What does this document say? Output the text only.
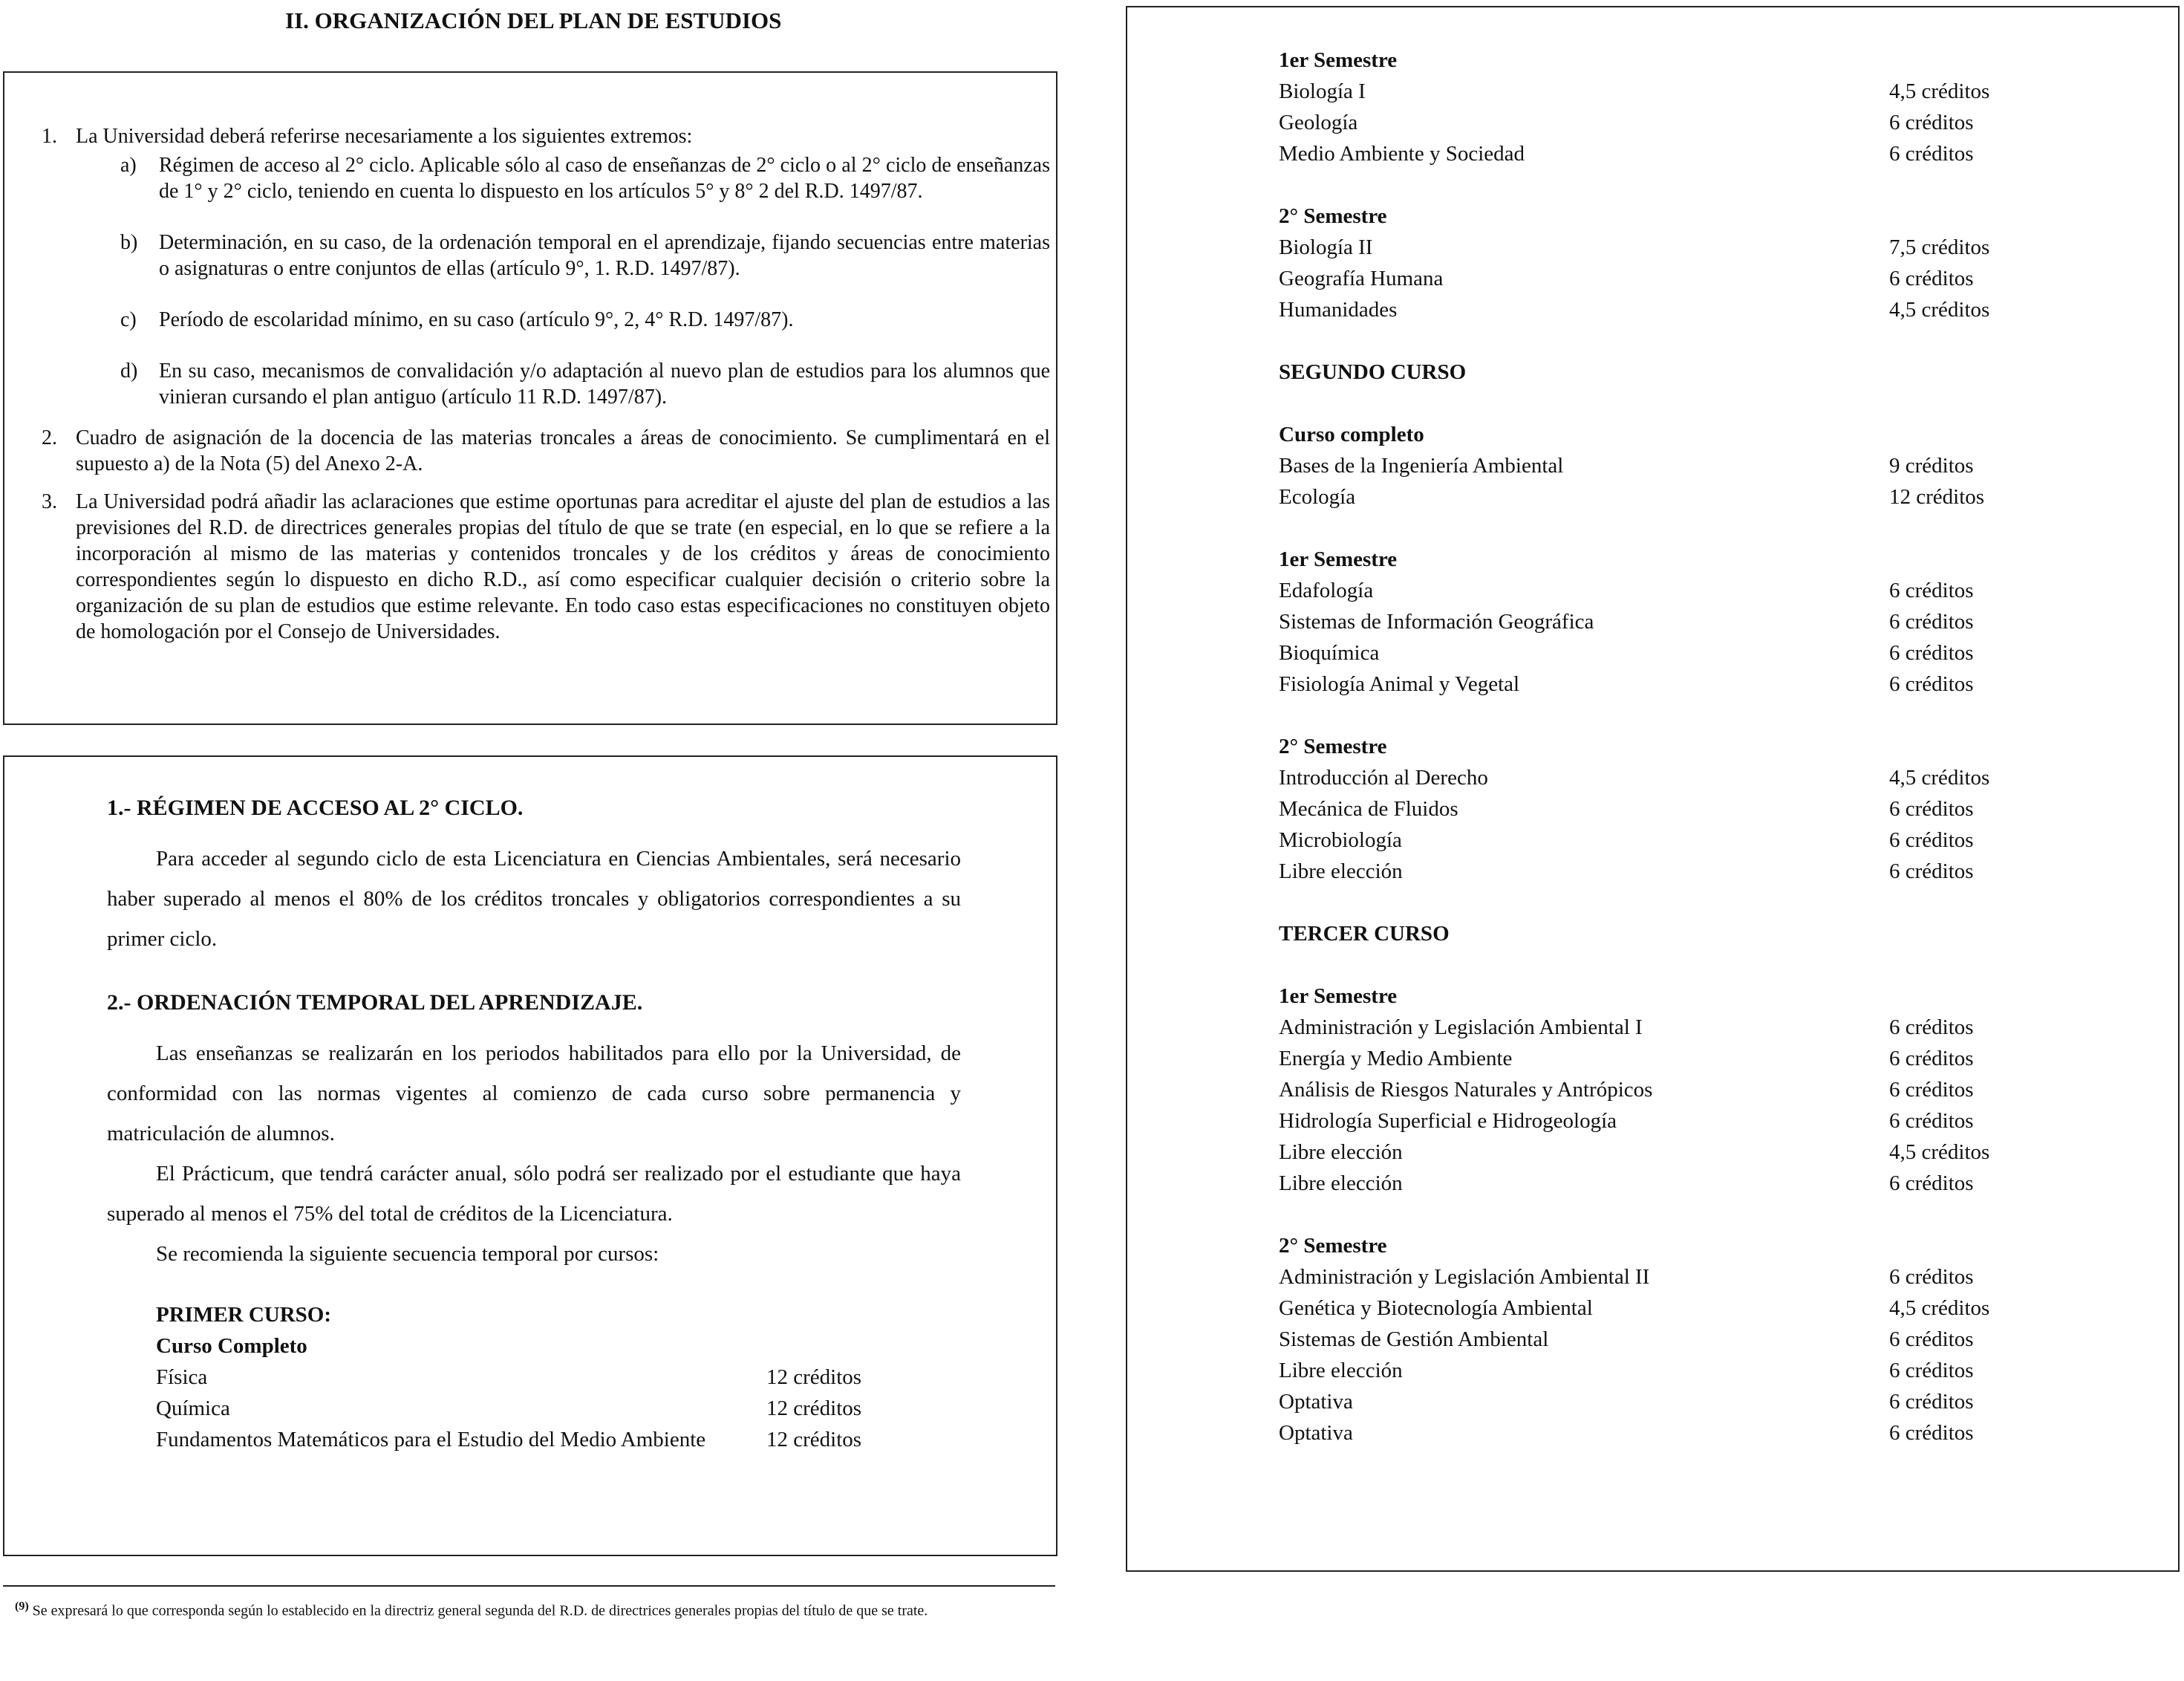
II. ORGANIZACIÓN DEL PLAN DE ESTUDIOS
1. La Universidad deberá referirse necesariamente a los siguientes extremos:
a) Régimen de acceso al 2° ciclo. Aplicable sólo al caso de enseñanzas de 2° ciclo o al 2° ciclo de enseñanzas de 1° y 2° ciclo, teniendo en cuenta lo dispuesto en los artículos 5° y 8° 2 del R.D. 1497/87.
b) Determinación, en su caso, de la ordenación temporal en el aprendizaje, fijando secuencias entre materias o asignaturas o entre conjuntos de ellas (artículo 9°, 1. R.D. 1497/87).
c) Período de escolaridad mínimo, en su caso (artículo 9°, 2, 4° R.D. 1497/87).
d) En su caso, mecanismos de convalidación y/o adaptación al nuevo plan de estudios para los alumnos que vinieran cursando el plan antiguo (artículo 11 R.D. 1497/87).
2. Cuadro de asignación de la docencia de las materias troncales a áreas de conocimiento. Se cumplimentará en el supuesto a) de la Nota (5) del Anexo 2-A.
3. La Universidad podrá añadir las aclaraciones que estime oportunas para acreditar el ajuste del plan de estudios a las previsiones del R.D. de directrices generales propias del título de que se trate (en especial, en lo que se refiere a la incorporación al mismo de las materias y contenidos troncales y de los créditos y áreas de conocimiento correspondientes según lo dispuesto en dicho R.D., así como especificar cualquier decisión o criterio sobre la organización de su plan de estudios que estime relevante. En todo caso estas especificaciones no constituyen objeto de homologación por el Consejo de Universidades.
1.- RÉGIMEN DE ACCESO AL 2° CICLO.

Para acceder al segundo ciclo de esta Licenciatura en Ciencias Ambientales, será necesario haber superado al menos el 80% de los créditos troncales y obligatorios correspondientes a su primer ciclo.

2.- ORDENACIÓN TEMPORAL DEL APRENDIZAJE.

Las enseñanzas se realizarán en los periodos habilitados para ello por la Universidad, de conformidad con las normas vigentes al comienzo de cada curso sobre permanencia y matriculación de alumnos.

El Prácticum, que tendrá carácter anual, sólo podrá ser realizado por el estudiante que haya superado al menos el 75% del total de créditos de la Licenciatura.

Se recomienda la siguiente secuencia temporal por cursos:

PRIMER CURSO:
Curso Completo
Física	12 créditos
Química	12 créditos
Fundamentos Matemáticos para el Estudio del Medio Ambiente	12 créditos
1er Semestre
Biología I	4,5 créditos
Geología	6 créditos
Medio Ambiente y Sociedad	6 créditos
2° Semestre
Biología II	7,5 créditos
Geografía Humana	6 créditos
Humanidades	4,5 créditos
SEGUNDO CURSO
Curso completo
Bases de la Ingeniería Ambiental	9 créditos
Ecología	12 créditos
1er Semestre
Edafología	6 créditos
Sistemas de Información Geográfica	6 créditos
Bioquímica	6 créditos
Fisiología Animal y Vegetal	6 créditos
2° Semestre
Introducción al Derecho	4,5 créditos
Mecánica de Fluidos	6 créditos
Microbiología	6 créditos
Libre elección	6 créditos
TERCER CURSO
1er Semestre
Administración y Legislación Ambiental I	6 créditos
Energía y Medio Ambiente	6 créditos
Análisis de Riesgos Naturales y Antrópicos	6 créditos
Hidrología Superficial e Hidrogeología	6 créditos
Libre elección	4,5 créditos
Libre elección	6 créditos
2° Semestre
Administración y Legislación Ambiental II	6 créditos
Genética y Biotecnología Ambiental	4,5 créditos
Sistemas de Gestión Ambiental	6 créditos
Libre elección	6 créditos
Optativa	6 créditos
Optativa	6 créditos
$^{(9)}$ Se expresará lo que corresponda según lo establecido en la directriz general segunda del R.D. de directrices generales propias del título de que se trate.
